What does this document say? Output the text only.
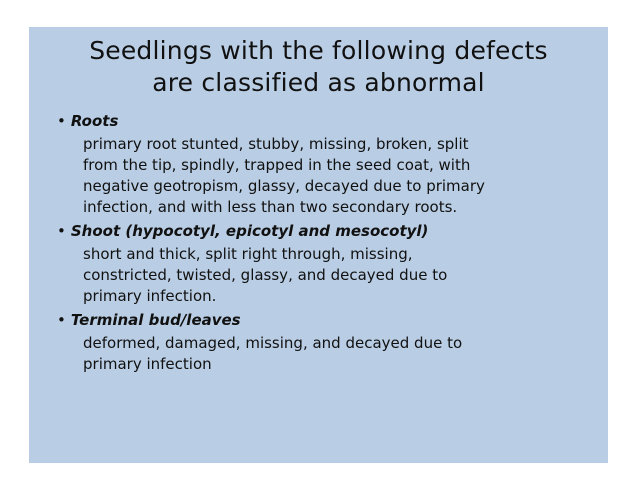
Seedlings with the following defects
are classified as abnormal
• Roots
primary root stunted, stubby, missing, broken, split
from the tip, spindly, trapped in the seed coat, with
negative geotropism, glassy, decayed due to primary
infection, and with less than two secondary roots.
• Shoot (hypocotyl, epicotyl and mesocotyl)
short and thick, split right through, missing,
constricted, twisted, glassy, and decayed due to
primary infection.
• Terminal bud/leaves
deformed, damaged, missing, and decayed due to
primary infection
